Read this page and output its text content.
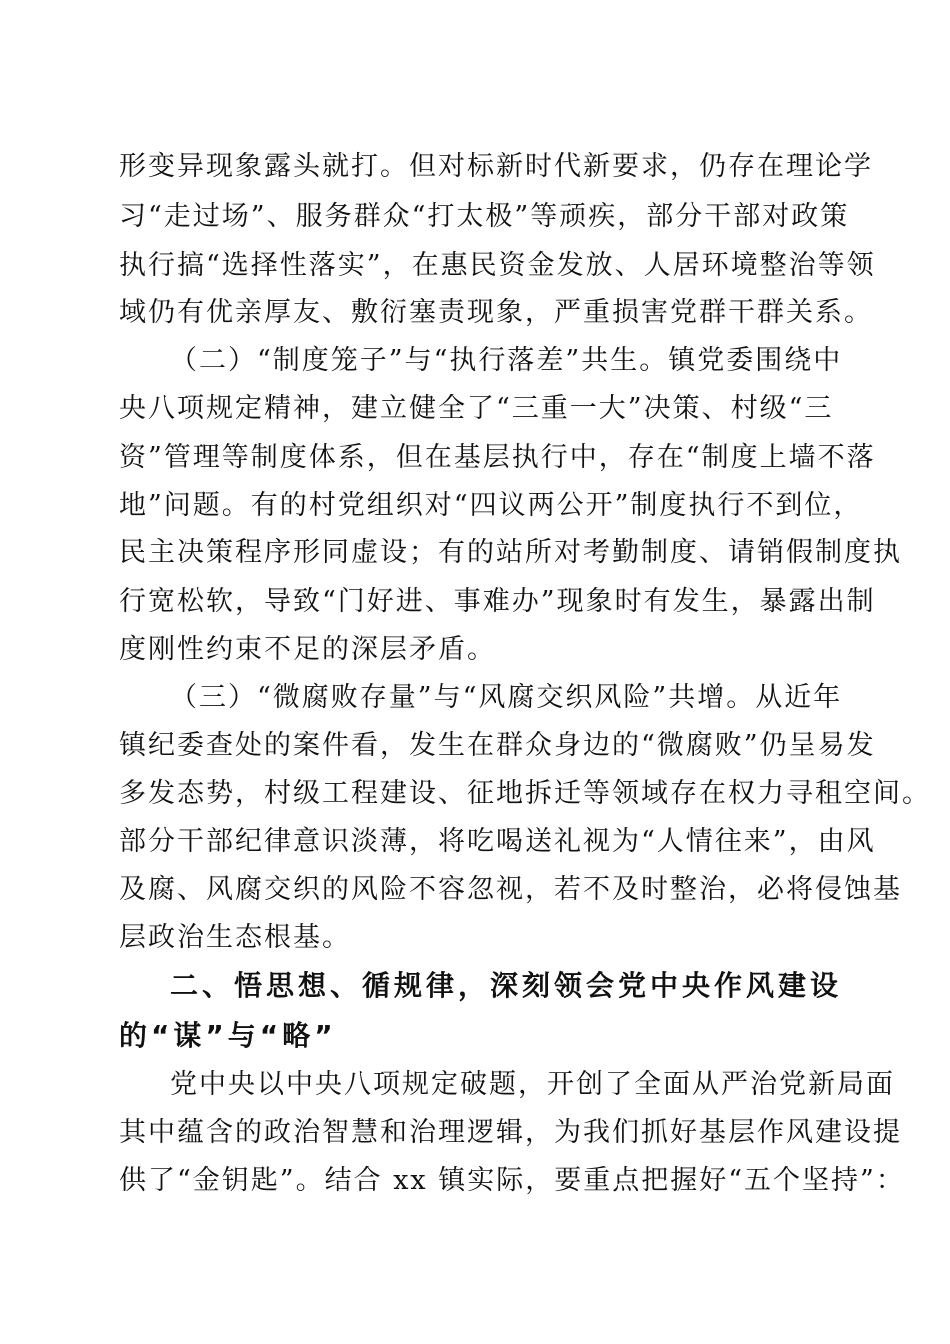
形变异现象露头就打。但对标新时代新要求，仍存在理论学
习“走过场”、服务群众“打太极”等顽疾，部分干部对政策
执行搞“选择性落实”，在惠民资金发放、人居环境整治等领
域仍有优亲厚友、敷衍塞责现象，严重损害党群干群关系。
（二）“制度笼子”与“执行落差”共生。镇党委围绕中
央八项规定精神，建立健全了“三重一大”决策、村级“三
资”管理等制度体系，但在基层执行中，存在“制度上墙不落
地”问题。有的村党组织对“四议两公开”制度执行不到位，
民主决策程序形同虚设；有的站所对考勤制度、请销假制度执
行宽松软，导致“门好进、事难办”现象时有发生，暴露出制
度刚性约束不足的深层矛盾。
（三）“微腐败存量”与“风腐交织风险”共增。从近年
镇纪委查处的案件看，发生在群众身边的“微腐败”仍呈易发
多发态势，村级工程建设、征地拆迁等领域存在权力寻租空间。
部分干部纪律意识淡薄，将吃喝送礼视为“人情往来”，由风
及腐、风腐交织的风险不容忽视，若不及时整治，必将侵蚀基
层政治生态根基。
二、悟思想、循规律，深刻领会党中央作风建设
的“谋”与“略”
党中央以中央八项规定破题，开创了全面从严治党新局面
其中蕴含的政治智慧和治理逻辑，为我们抓好基层作风建设提
供了“金钥匙”。结合 xx 镇实际，要重点把握好“五个坚持”：
